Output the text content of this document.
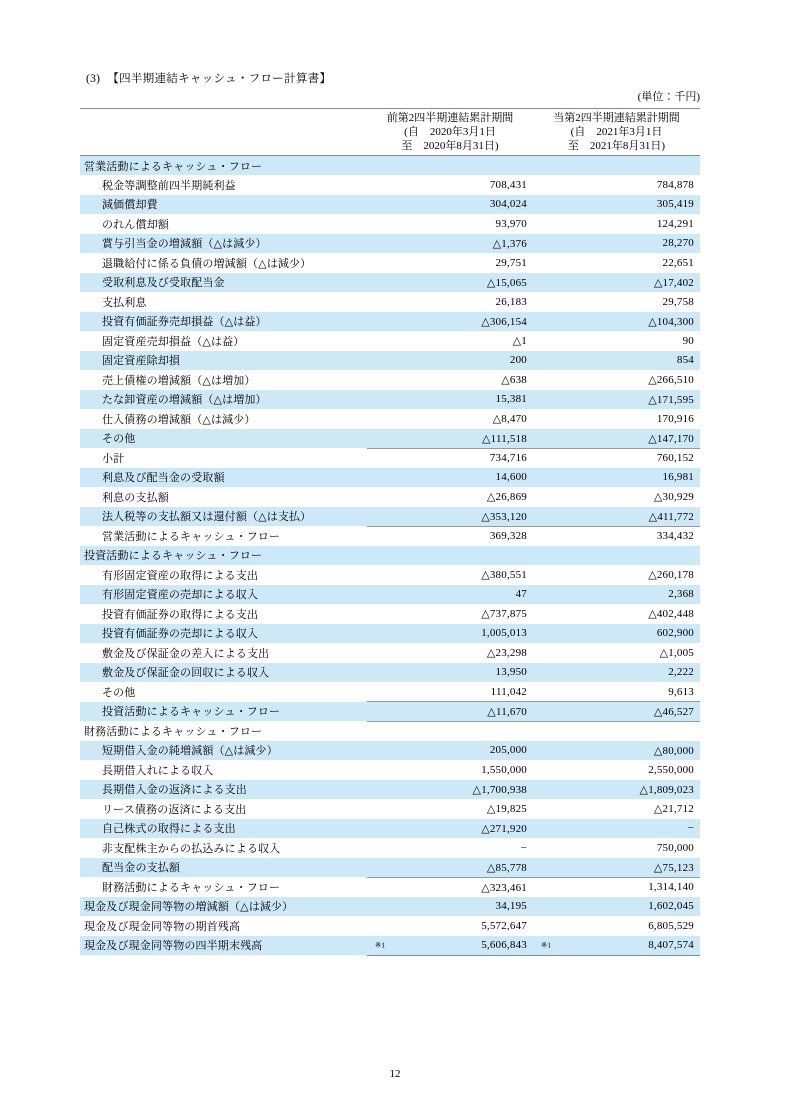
(3) 【四半期連結キャッシュ・フロー計算書】
(単位：千円)

	前第2四半期連結累計期間
(自　2020年3月1日
至　2020年8月31日)	当第2四半期連結累計期間
(自　2021年3月1日
至　2021年8月31日)

営業活動によるキャッシュ・フロー		
税金等調整前四半期純利益	708,431	784,878
減価償却費	304,024	305,419
のれん償却額	93,970	124,291
賞与引当金の増減額（△は減少）	△1,376	28,270
退職給付に係る負債の増減額（△は減少）	29,751	22,651
受取利息及び受取配当金	△15,065	△17,402
支払利息	26,183	29,758
投資有価証券売却損益（△は益）	△306,154	△104,300
固定資産売却損益（△は益）	△1	90
固定資産除却損	200	854
売上債権の増減額（△は増加）	△638	△266,510
たな卸資産の増減額（△は増加）	15,381	△171,595
仕入債務の増減額（△は減少）	△8,470	170,916
その他	△111,518	△147,170
小計	734,716	760,152
利息及び配当金の受取額	14,600	16,981
利息の支払額	△26,869	△30,929
法人税等の支払額又は還付額（△は支払）	△353,120	△411,772
営業活動によるキャッシュ・フロー	369,328	334,432
投資活動によるキャッシュ・フロー		
有形固定資産の取得による支出	△380,551	△260,178
有形固定資産の売却による収入	47	2,368
投資有価証券の取得による支出	△737,875	△402,448
投資有価証券の売却による収入	1,005,013	602,900
敷金及び保証金の差入による支出	△23,298	△1,005
敷金及び保証金の回収による収入	13,950	2,222
その他	111,042	9,613
投資活動によるキャッシュ・フロー	△11,670	△46,527
財務活動によるキャッシュ・フロー		
短期借入金の純増減額（△は減少）	205,000	△80,000
長期借入れによる収入	1,550,000	2,550,000
長期借入金の返済による支出	△1,700,938	△1,809,023
リース債務の返済による支出	△19,825	△21,712
自己株式の取得による支出	△271,920	−
非支配株主からの払込みによる収入	−	750,000
配当金の支払額	△85,778	△75,123
財務活動によるキャッシュ・フロー	△323,461	1,314,140
現金及び現金同等物の増減額（△は減少）	34,195	1,602,045
現金及び現金同等物の期首残高	5,572,647	6,805,529
現金及び現金同等物の四半期末残高	※1 5,606,843	※1 8,407,574
12
